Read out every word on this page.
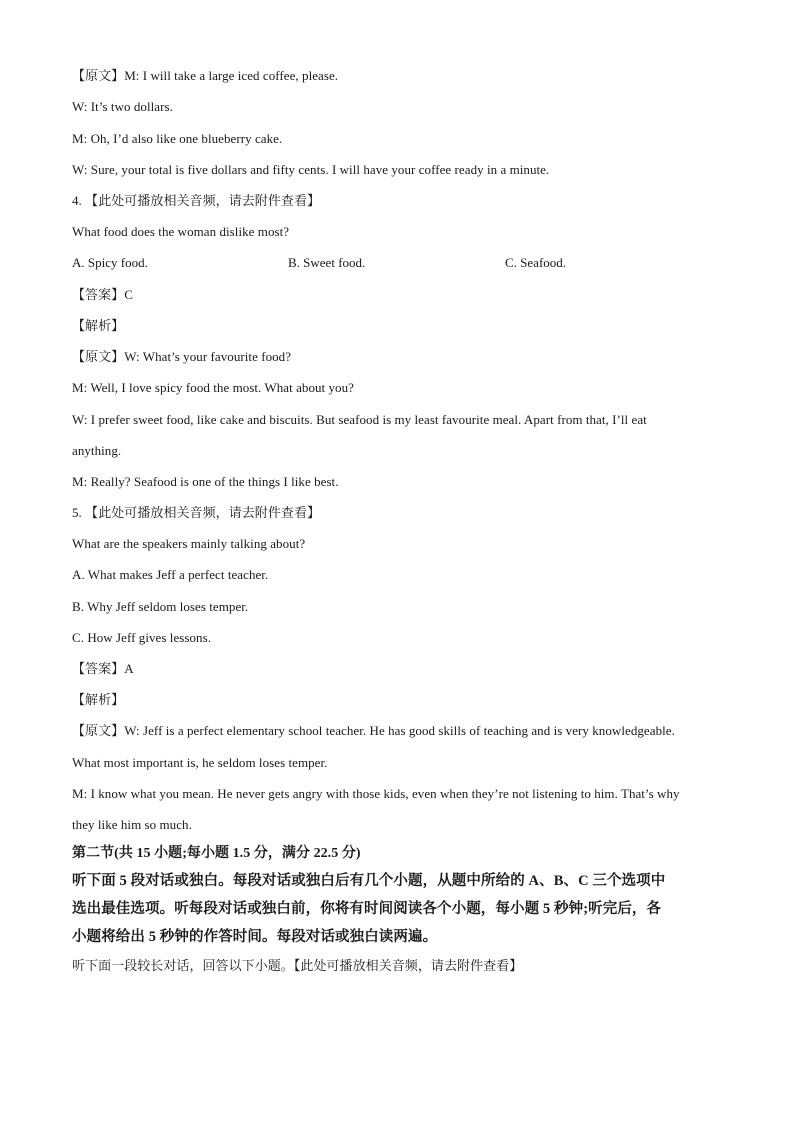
【原文】M: I will take a large iced coffee, please.
W: It’s two dollars.
M: Oh, I’d also like one blueberry cake.
W: Sure, your total is five dollars and fifty cents. I will have your coffee ready in a minute.
4. 【此处可播放相关音频，请去附件查看】
What food does the woman dislike most?
A. Spicy food.	B. Sweet food.	C. Seafood.
【答案】C
【解析】
【原文】W: What’s your favourite food?
M: Well, I love spicy food the most. What about you?
W: I prefer sweet food, like cake and biscuits. But seafood is my least favourite meal. Apart from that, I’ll eat
anything.
M: Really? Seafood is one of the things I like best.
5. 【此处可播放相关音频，请去附件查看】
What are the speakers mainly talking about?
A. What makes Jeff a perfect teacher.
B. Why Jeff seldom loses temper.
C. How Jeff gives lessons.
【答案】A
【解析】
【原文】W: Jeff is a perfect elementary school teacher. He has good skills of teaching and is very knowledgeable.
What most important is, he seldom loses temper.
M: I know what you mean. He never gets angry with those kids, even when they’re not listening to him. That’s why
they like him so much.
第二节(共 15 小题;每小题 1.5 分，满分 22.5 分)
听下面 5 段对话或独白。每段对话或独白后有几个小题，从题中所给的 A、B、C 三个选项中
选出最佳选项。听每段对话或独白前，你将有时间阅读各个小题，每小题 5 秒钟;听完后，各
小题将给出 5 秒钟的作答时间。每段对话或独白读两遍。
听下面一段较长对话，回答以下小题。【此处可播放相关音频，请去附件查看】
